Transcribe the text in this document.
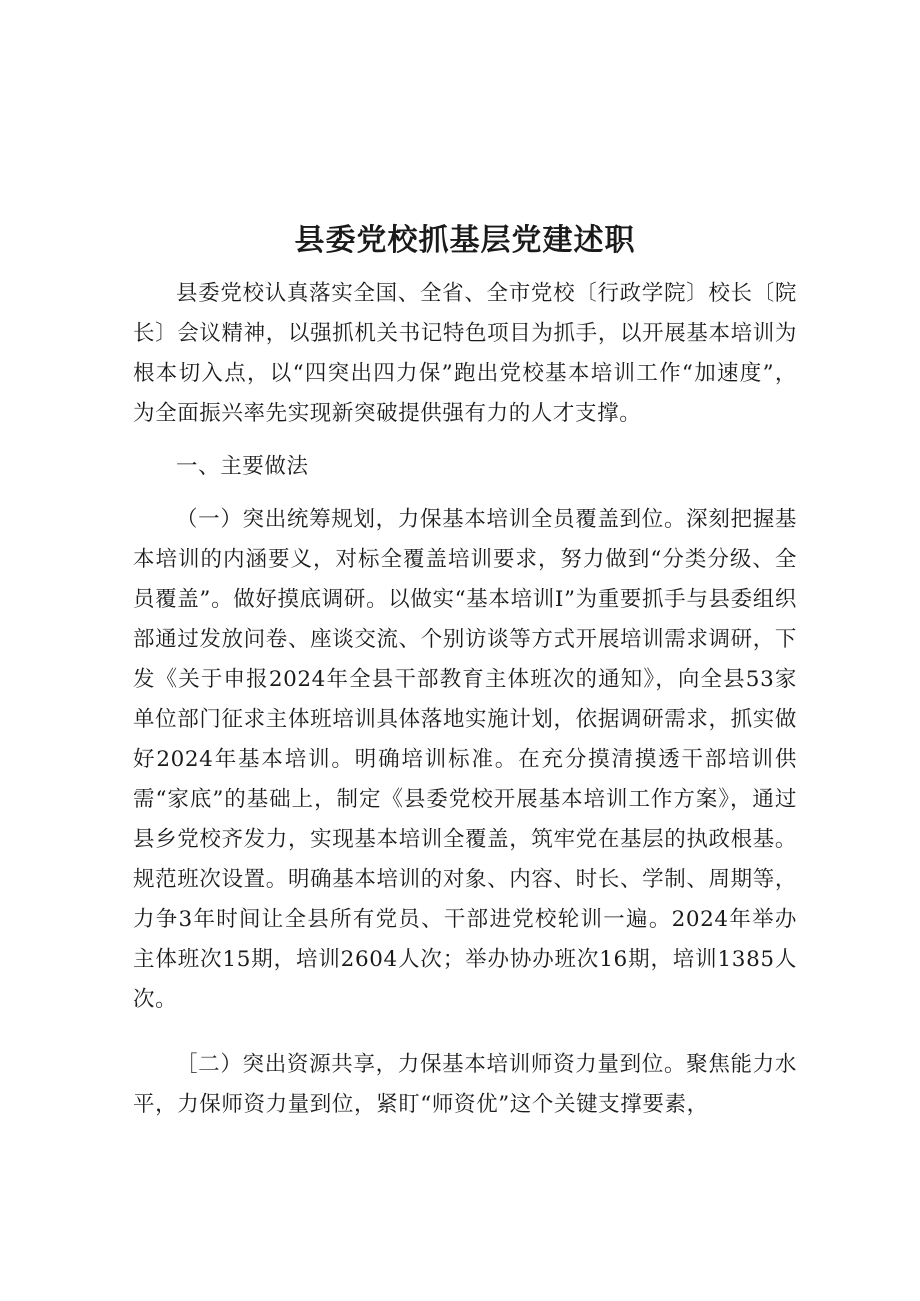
县委党校抓基层党建述职

县委党校认真落实全国、全省、全市党校〔行政学院〕校长〔院长〕会议精神，以强抓机关书记特色项目为抓手，以开展基本培训为根本切入点，以“四突出四力保”跑出党校基本培训工作“加速度”，为全面振兴率先实现新突破提供强有力的人才支撑。

一、主要做法

（一）突出统筹规划，力保基本培训全员覆盖到位。深刻把握基本培训的内涵要义，对标全覆盖培训要求，努力做到“分类分级、全员覆盖”。做好摸底调研。以做实“基本培训I”为重要抓手与县委组织部通过发放问卷、座谈交流、个别访谈等方式开展培训需求调研，下发《关于申报2024年全县干部教育主体班次的通知》，向全县53家单位部门征求主体班培训具体落地实施计划，依据调研需求，抓实做好2024年基本培训。明确培训标准。在充分摸清摸透干部培训供需“家底”的基础上，制定《县委党校开展基本培训工作方案》，通过县乡党校齐发力，实现基本培训全覆盖，筑牢党在基层的执政根基。规范班次设置。明确基本培训的对象、内容、时长、学制、周期等，力争3年时间让全县所有党员、干部进党校轮训一遍。2024年举办主体班次15期，培训2604人次；举办协办班次16期，培训1385人次。

［二）突出资源共享，力保基本培训师资力量到位。聚焦能力水平，力保师资力量到位，紧盯“师资优”这个关键支撑要素，
